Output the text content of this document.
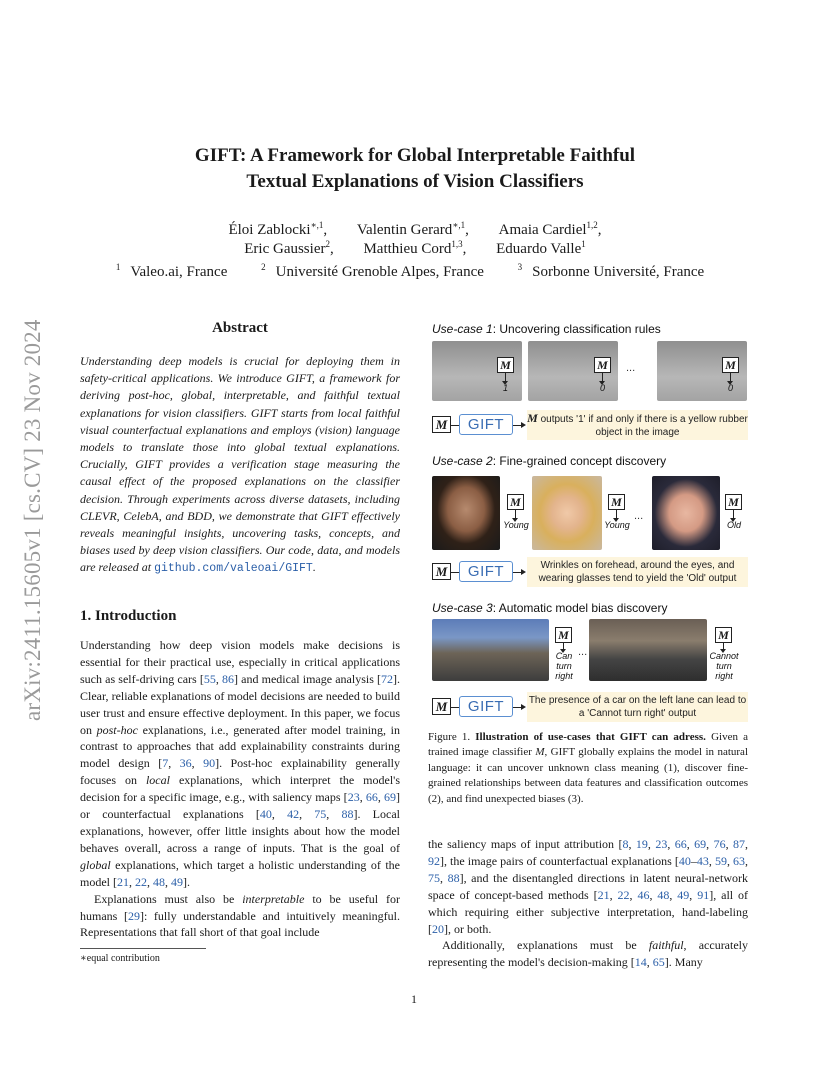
arXiv:2411.15605v1 [cs.CV] 23 Nov 2024
GIFT: A Framework for Global Interpretable Faithful
Textual Explanations of Vision Classifiers
Éloi Zablocki$^{∗,1}$, Valentin Gerard$^{∗,1}$, Amaia Cardiel$^{1,2}$,
Eric Gaussier$^2$, Matthieu Cord$^{1,3}$, Eduardo Valle$^1$
$^1$ Valeo.ai, France	$^2$ Université Grenoble Alpes, France	$^3$ Sorbonne Université, France
Abstract
Understanding deep models is crucial for deploying them in safety-critical applications. We introduce GIFT, a framework for deriving post-hoc, global, interpretable, and faithful textual explanations for vision classifiers. GIFT starts from local faithful visual counterfactual explanations and employs (vision) language models to translate those into global textual explanations. Crucially, GIFT provides a verification stage measuring the causal effect of the proposed explanations on the classifier decision. Through experiments across diverse datasets, including CLEVR, CelebA, and BDD, we demonstrate that GIFT effectively reveals meaningful insights, uncovering tasks, concepts, and biases used by deep vision classifiers. Our code, data, and models are released at github.com/valeoai/GIFT.
1. Introduction

Understanding how deep vision models make decisions is essential for their practical use, especially in critical applications such as self-driving cars [55, 86] and medical image analysis [72]. Clear, reliable explanations of model decisions are needed to build user trust and ensure effective deployment. In this paper, we focus on post-hoc explanations, i.e., generated after model training, in contrast to approaches that add explainability constraints during model design [7, 36, 90]. Post-hoc explainability generally focuses on local explanations, which interpret the model's decision for a specific image, e.g., with saliency maps [23, 66, 69] or counterfactual explanations [40, 42, 75, 88]. Local explanations, however, offer little insights about how the model behaves overall, across a range of inputs. That is the goal of global explanations, which target a holistic understanding of the model [21, 22, 48, 49].

Explanations must also be interpretable to be useful for humans [29]: fully understandable and intuitively meaningful. Representations that fall short of that goal include

∗equal contribution
1
Use-case 1: Uncovering classification rules
M
1
M
0
...	M
0
M	GIFT	M outputs '1' if and only if there is a yellow rubber object in the image
Use-case 2: Fine-grained concept discovery
M
Young
M
Young
...
M
Old
M	GIFT	Wrinkles on forehead, around the eyes, and wearing glasses tend to yield the 'Old' output
Use-case 3: Automatic model bias discovery
M
Can turn right
...
M
Cannot turn right
M	GIFT	The presence of a car on the left lane can lead to a 'Cannot turn right' output
Figure 1. Illustration of use-cases that GIFT can adress. Given a trained image classifier M, GIFT globally explains the model in natural language: it can uncover unknown class meaning (1), discover fine-grained relationships between data features and classification outcomes (2), and find unexpected biases (3).

the saliency maps of input attribution [8, 19, 23, 66, 69, 76, 87, 92], the image pairs of counterfactual explanations [40–43, 59, 63, 75, 88], and the disentangled directions in latent neural-network space of concept-based methods [21, 22, 46, 48, 49, 91], all of which requiring either subjective interpretation, hand-labeling [20], or both.

Additionally, explanations must be faithful, accurately representing the model's decision-making [14, 65]. Many
